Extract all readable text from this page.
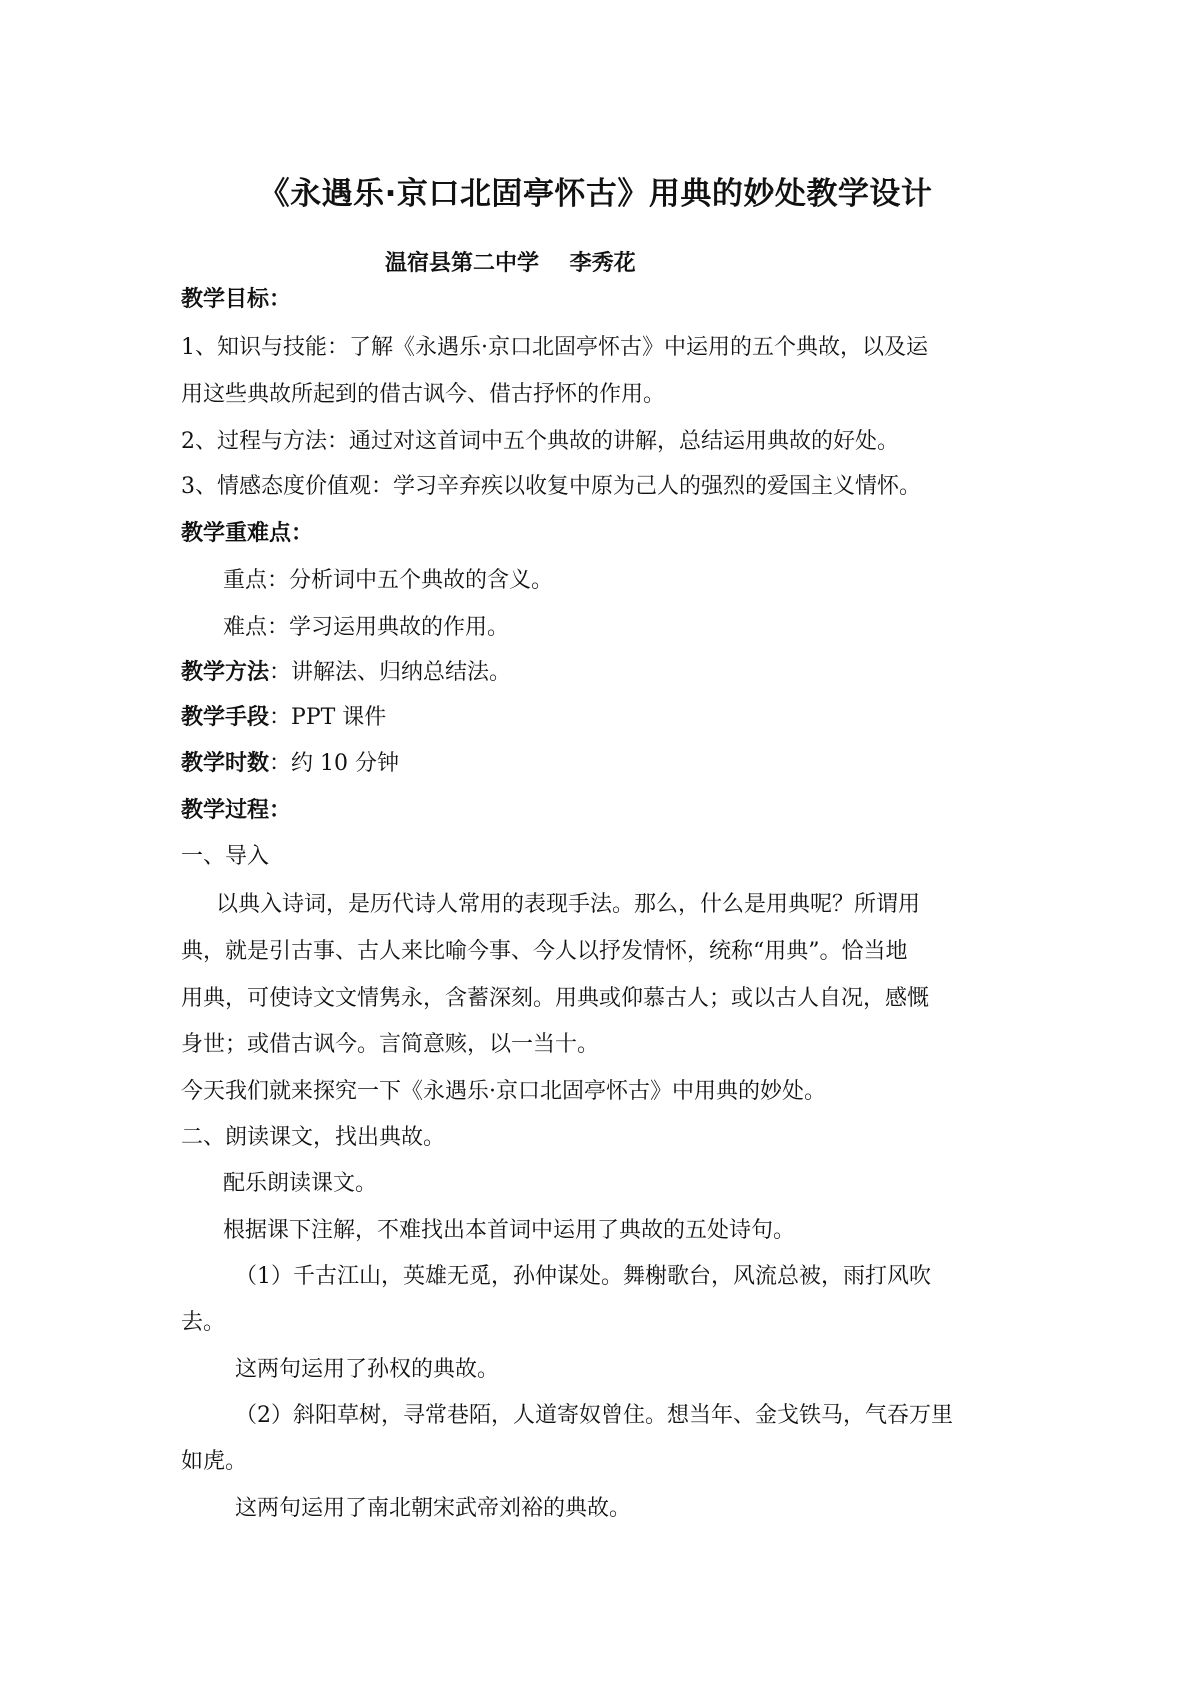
《永遇乐·京口北固亭怀古》用典的妙处教学设计
温宿县第二中学    李秀花
教学目标：
1、知识与技能：了解《永遇乐·京口北固亭怀古》中运用的五个典故，以及运
用这些典故所起到的借古讽今、借古抒怀的作用。
2、过程与方法：通过对这首词中五个典故的讲解，总结运用典故的好处。
3、情感态度价值观：学习辛弃疾以收复中原为己人的强烈的爱国主义情怀。
教学重难点：
重点：分析词中五个典故的含义。
难点：学习运用典故的作用。
教学方法：讲解法、归纳总结法。
教学手段：PPT 课件
教学时数：约 10 分钟
教学过程：
一、导入
以典入诗词，是历代诗人常用的表现手法。那么，什么是用典呢？所谓用
典，就是引古事、古人来比喻今事、今人以抒发情怀，统称“用典”。恰当地
用典，可使诗文文情隽永，含蓄深刻。用典或仰慕古人；或以古人自况，感慨
身世；或借古讽今。言简意赅，以一当十。
今天我们就来探究一下《永遇乐·京口北固亭怀古》中用典的妙处。
二、朗读课文，找出典故。
配乐朗读课文。
根据课下注解，不难找出本首词中运用了典故的五处诗句。
（1）千古江山，英雄无觅，孙仲谋处。舞榭歌台，风流总被，雨打风吹
去。
这两句运用了孙权的典故。
（2）斜阳草树，寻常巷陌，人道寄奴曾住。想当年、金戈铁马，气吞万里
如虎。
这两句运用了南北朝宋武帝刘裕的典故。
